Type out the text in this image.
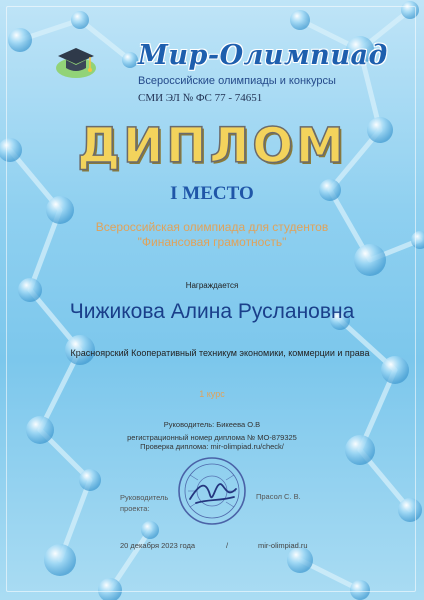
Мир-Олимпиад
Всероссийские олимпиады и конкурсы
СМИ ЭЛ № ФС 77 - 74651
ДИПЛОМ
I МЕСТО
Всероссийская олимпиада для студентов
"Финансовая грамотность"
Награждается
Чижикова Алина Руслановна
Красноярский Кооперативный техникум экономики, коммерции и права
1 курс
Руководитель: Бикеева О.В
регистрационный номер диплома № МО-879325
Проверка диплома: mir-olimpiad.ru/check/
Руководитель проекта:
Прасол С. В.
20 декабря 2023 года	/	mir-olimpiad.ru
